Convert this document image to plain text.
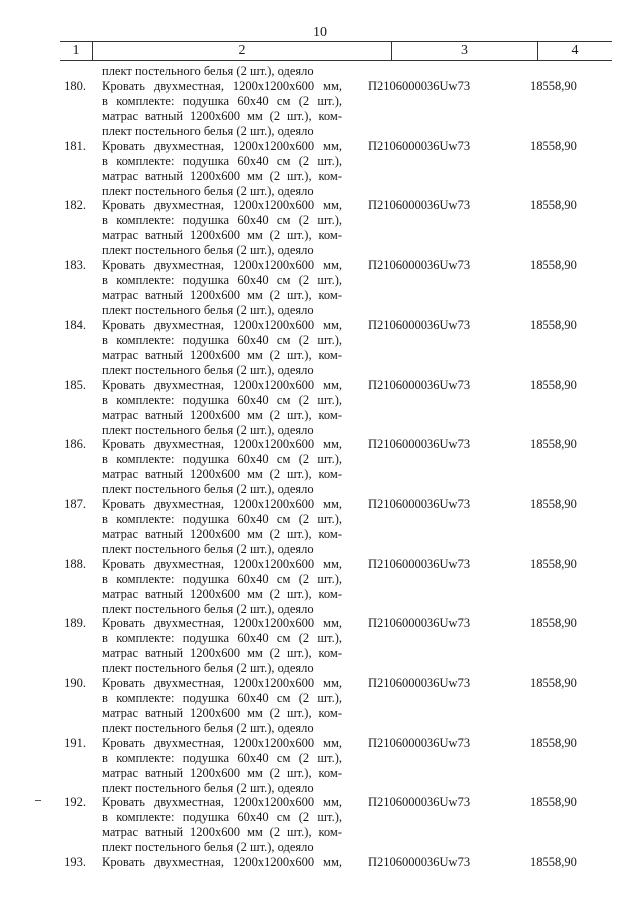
10
1	2	3	4
плект постельного белья (2 шт.), одеяло
180. Кровать двухместная, 1200x1200x600 мм,
в комплекте: подушка 60x40 см (2 шт.),
матрас ватный 1200x600 мм (2 шт.), ком-
плект постельного белья (2 шт.), одеяло
П2106000036Uw73	18558,90
181. Кровать двухместная, 1200x1200x600 мм,
в комплекте: подушка 60x40 см (2 шт.),
матрас ватный 1200x600 мм (2 шт.), ком-
плект постельного белья (2 шт.), одеяло
П2106000036Uw73	18558,90
182. Кровать двухместная, 1200x1200x600 мм,
в комплекте: подушка 60x40 см (2 шт.),
матрас ватный 1200x600 мм (2 шт.), ком-
плект постельного белья (2 шт.), одеяло
П2106000036Uw73	18558,90
183. Кровать двухместная, 1200x1200x600 мм,
в комплекте: подушка 60x40 см (2 шт.),
матрас ватный 1200x600 мм (2 шт.), ком-
плект постельного белья (2 шт.), одеяло
П2106000036Uw73	18558,90
184. Кровать двухместная, 1200x1200x600 мм,
в комплекте: подушка 60x40 см (2 шт.),
матрас ватный 1200x600 мм (2 шт.), ком-
плект постельного белья (2 шт.), одеяло
П2106000036Uw73	18558,90
185. Кровать двухместная, 1200x1200x600 мм,
в комплекте: подушка 60x40 см (2 шт.),
матрас ватный 1200x600 мм (2 шт.), ком-
плект постельного белья (2 шт.), одеяло
П2106000036Uw73	18558,90
186. Кровать двухместная, 1200x1200x600 мм,
в комплекте: подушка 60x40 см (2 шт.),
матрас ватный 1200x600 мм (2 шт.), ком-
плект постельного белья (2 шт.), одеяло
П2106000036Uw73	18558,90
187. Кровать двухместная, 1200x1200x600 мм,
в комплекте: подушка 60x40 см (2 шт.),
матрас ватный 1200x600 мм (2 шт.), ком-
плект постельного белья (2 шт.), одеяло
П2106000036Uw73	18558,90
188. Кровать двухместная, 1200x1200x600 мм,
в комплекте: подушка 60x40 см (2 шт.),
матрас ватный 1200x600 мм (2 шт.), ком-
плект постельного белья (2 шт.), одеяло
П2106000036Uw73	18558,90
189. Кровать двухместная, 1200x1200x600 мм,
в комплекте: подушка 60x40 см (2 шт.),
матрас ватный 1200x600 мм (2 шт.), ком-
плект постельного белья (2 шт.), одеяло
П2106000036Uw73	18558,90
190. Кровать двухместная, 1200x1200x600 мм,
в комплекте: подушка 60x40 см (2 шт.),
матрас ватный 1200x600 мм (2 шт.), ком-
плект постельного белья (2 шт.), одеяло
П2106000036Uw73	18558,90
191. Кровать двухместная, 1200x1200x600 мм,
в комплекте: подушка 60x40 см (2 шт.),
матрас ватный 1200x600 мм (2 шт.), ком-
плект постельного белья (2 шт.), одеяло
П2106000036Uw73	18558,90
192. Кровать двухместная, 1200x1200x600 мм,
в комплекте: подушка 60x40 см (2 шт.),
матрас ватный 1200x600 мм (2 шт.), ком-
плект постельного белья (2 шт.), одеяло
П2106000036Uw73	18558,90
193. Кровать двухместная, 1200x1200x600 мм, П2106000036Uw73	18558,90
